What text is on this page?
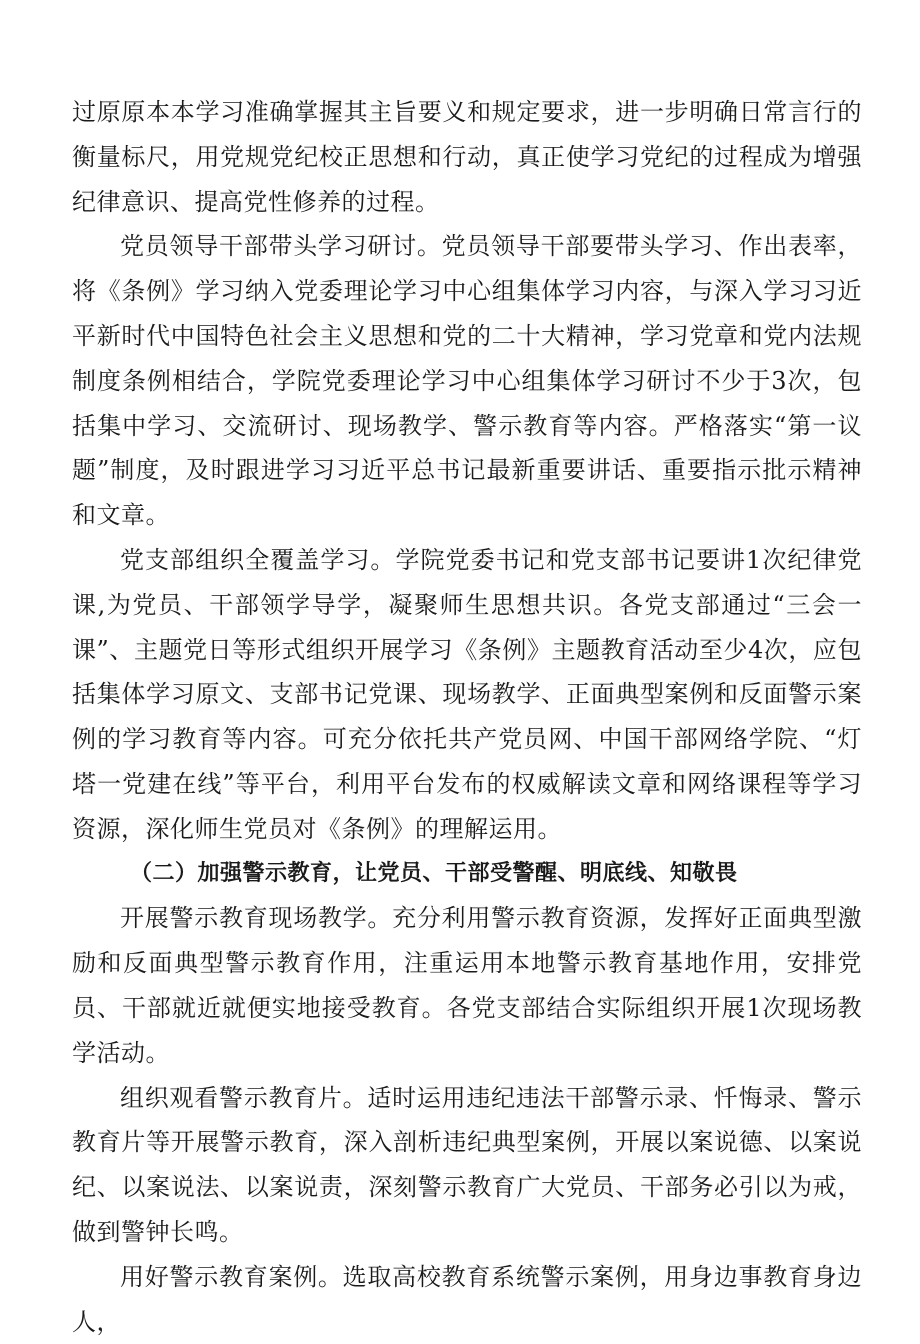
过原原本本学习准确掌握其主旨要义和规定要求，进一步明确日常言行的衡量标尺，用党规党纪校正思想和行动，真正使学习党纪的过程成为增强纪律意识、提高党性修养的过程。

党员领导干部带头学习研讨。党员领导干部要带头学习、作出表率，将《条例》学习纳入党委理论学习中心组集体学习内容，与深入学习习近平新时代中国特色社会主义思想和党的二十大精神，学习党章和党内法规制度条例相结合，学院党委理论学习中心组集体学习研讨不少于3次，包括集中学习、交流研讨、现场教学、警示教育等内容。严格落实“第一议题”制度，及时跟进学习习近平总书记最新重要讲话、重要指示批示精神和文章。

党支部组织全覆盖学习。学院党委书记和党支部书记要讲1次纪律党课,为党员、干部领学导学，凝聚师生思想共识。各党支部通过“三会一课”、主题党日等形式组织开展学习《条例》主题教育活动至少4次，应包括集体学习原文、支部书记党课、现场教学、正面典型案例和反面警示案例的学习教育等内容。可充分依托共产党员网、中国干部网络学院、“灯塔一党建在线”等平台，利用平台发布的权威解读文章和网络课程等学习资源，深化师生党员对《条例》的理解运用。

（二）加强警示教育，让党员、干部受警醒、明底线、知敬畏

开展警示教育现场教学。充分利用警示教育资源，发挥好正面典型激励和反面典型警示教育作用，注重运用本地警示教育基地作用，安排党员、干部就近就便实地接受教育。各党支部结合实际组织开展1次现场教学活动。

组织观看警示教育片。适时运用违纪违法干部警示录、忏悔录、警示教育片等开展警示教育，深入剖析违纪典型案例，开展以案说德、以案说纪、以案说法、以案说责，深刻警示教育广大党员、干部务必引以为戒，做到警钟长鸣。

用好警示教育案例。选取高校教育系统警示案例，用身边事教育身边人，
